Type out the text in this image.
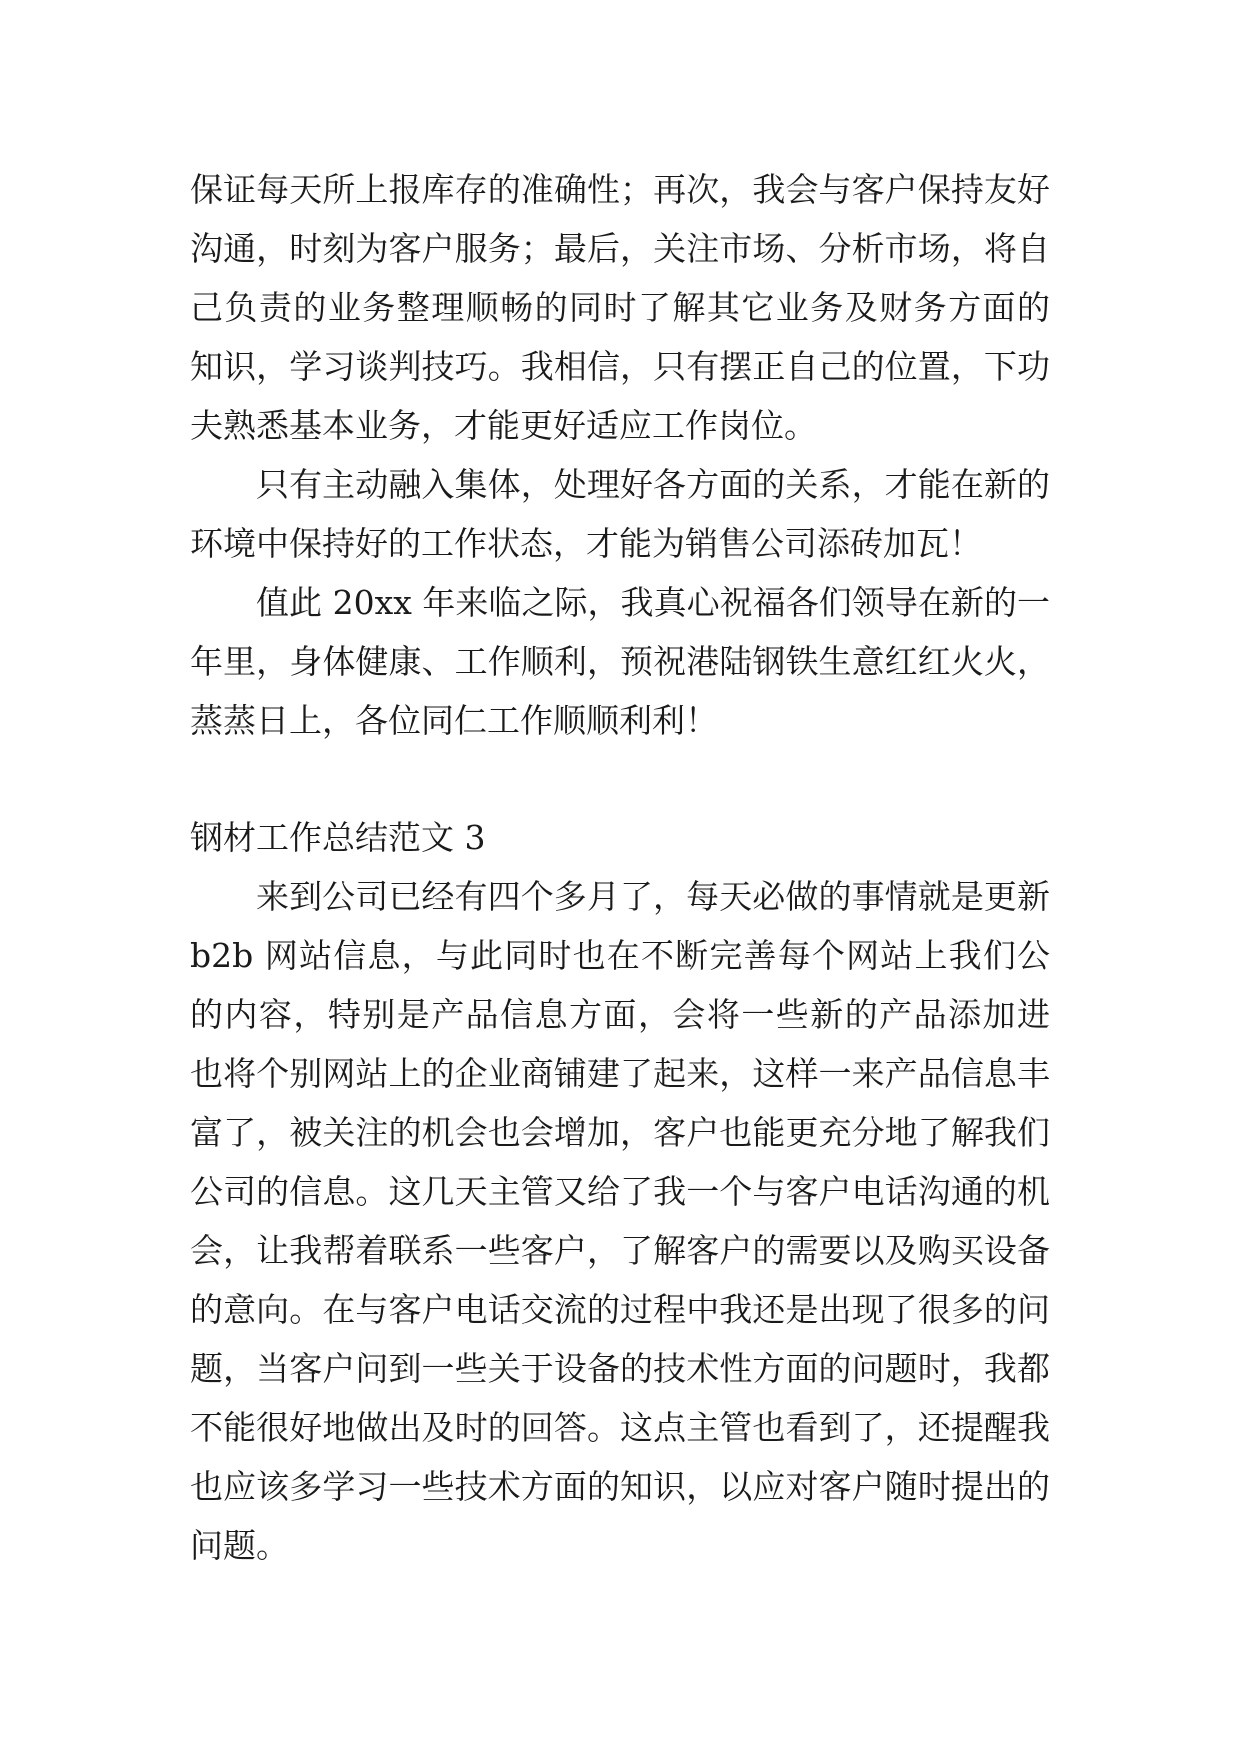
保证每天所上报库存的准确性；再次，我会与客户保持友好
沟通，时刻为客户服务；最后，关注市场、分析市场，将自
己负责的业务整理顺畅的同时了解其它业务及财务方面的
知识，学习谈判技巧。我相信，只有摆正自己的位置，下功
夫熟悉基本业务，才能更好适应工作岗位。
只有主动融入集体，处理好各方面的关系，才能在新的
环境中保持好的工作状态，才能为销售公司添砖加瓦！
值此 20xx 年来临之际，我真心祝福各们领导在新的一
年里，身体健康、工作顺利，预祝港陆钢铁生意红红火火，
蒸蒸日上，各位同仁工作顺顺利利！
钢材工作总结范文 3
来到公司已经有四个多月了，每天必做的事情就是更新
b2b 网站信息，与此同时也在不断完善每个网站上我们公
的内容，特别是产品信息方面，会将一些新的产品添加进
也将个别网站上的企业商铺建了起来，这样一来产品信息丰
富了，被关注的机会也会增加，客户也能更充分地了解我们
公司的信息。这几天主管又给了我一个与客户电话沟通的机
会，让我帮着联系一些客户，了解客户的需要以及购买设备
的意向。在与客户电话交流的过程中我还是出现了很多的问
题，当客户问到一些关于设备的技术性方面的问题时，我都
不能很好地做出及时的回答。这点主管也看到了，还提醒我
也应该多学习一些技术方面的知识，以应对客户随时提出的
问题。
